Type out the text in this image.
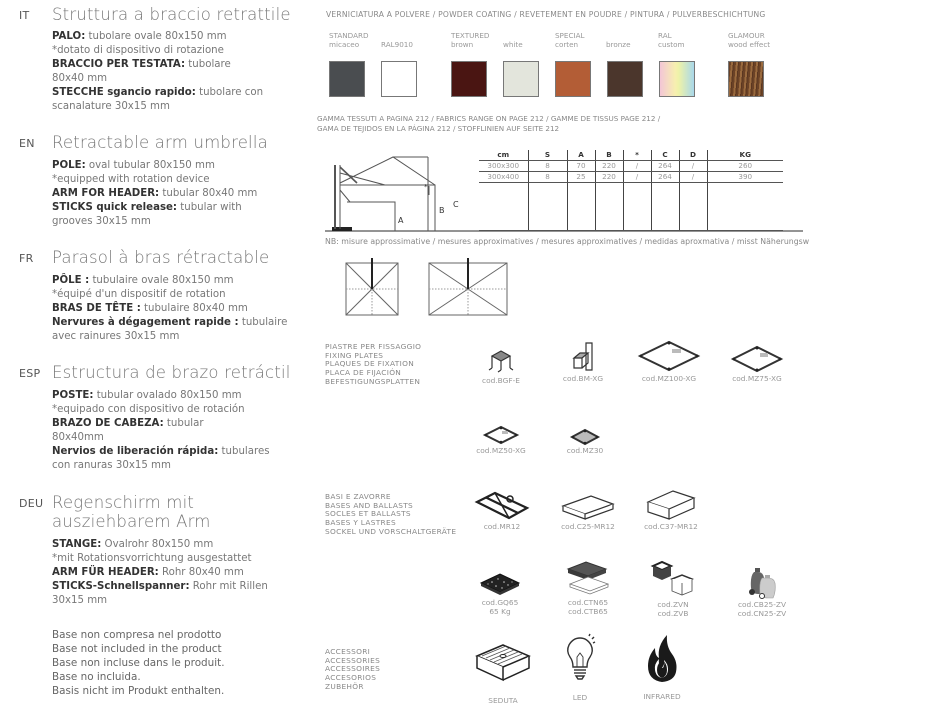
IT Struttura a braccio retrattile
PALO: tubolare ovale 80x150 mm
*dotato di dispositivo di rotazione
BRACCIO PER TESTATA: tubolare
80x40 mm
STECCHE sgancio rapido: tubolare con
scanalature 30x15 mm
EN Retractable arm umbrella
POLE: oval tubular 80x150 mm
*equipped with rotation device
ARM FOR HEADER: tubular 80x40 mm
STICKS quick release: tubular with
grooves 30x15 mm
FR Parasol à bras rétractable
PÔLE : tubulaire ovale 80x150 mm
*équipé d'un dispositif de rotation
BRAS DE TÊTE : tubulaire 80x40 mm
Nervures à dégagement rapide : tubulaire
avec rainures 30x15 mm
ESP Estructura de brazo retráctil
POSTE: tubular ovalado 80x150 mm
*equipado con dispositivo de rotación
BRAZO DE CABEZA: tubular
80x40mm
Nervios de liberación rápida: tubulares
con ranuras 30x15 mm
DEU Regenschirm mit
ausziehbarem Arm
STANGE: Ovalrohr 80x150 mm
*mit Rotationsvorrichtung ausgestattet
ARM FÜR HEADER: Rohr 80x40 mm
STICKS-Schnellspanner: Rohr mit Rillen
30x15 mm
Base non compresa nel prodotto
Base not included in the product
Base non incluse dans le produit.
Base no incluida.
Basis nicht im Produkt enthalten.
VERNICIATURA A POLVERE / POWDER COATING / REVETEMENT EN POUDRE / PINTURA / PULVERBESCHICHTUNG
STANDARD
micaceo	RAL9010
TEXTURED
brown	white
SPECIAL
corten	bronze
RAL
custom
GLAMOUR
wood effect
GAMMA TESSUTI A PAGINA 212 / FABRICS RANGE ON PAGE 212 / GAMME DE TISSUS PAGE 212 /
GAMA DE TEJIDOS EN LA PÁGINA 212 / STOFFLINIEN AUF SEITE 212
A
B
C
*
cm	S	A	B	*	C	D	KG
300x300	8	70	220	/	264	/	260
300x400	8	25	220	/	264	/	390

NB: misure approssimative / mesures approximatives / mesures approximatives / medidas aproxmativa / misst Näherungsw
PIASTRE PER FISSAGGIO
FIXING PLATES
PLAQUES DE FIXATION
PLACA DE FIJACIÓN
BEFESTIGUNGSPLATTEN	cod.BGF-E	cod.BM-XG	cod.MZ100-XG	cod.MZ75-XG
cod.MZ50-XG	cod.MZ30
BASI E ZAVORRE
BASES AND BALLASTS
SOCLES ET BALLASTS
BASES Y LASTRES
SOCKEL UND VORSCHALTGERÄTE
cod.MR12	cod.C25-MR12	cod.C37-MR12
cod.GQ65
65 Kg
cod.CTN65
cod.CTB65
cod.ZVN
cod.ZVB
cod.CB25-ZV
cod.CN25-ZV
ACCESSORI
ACCESSORIES
ACCESSOIRES
ACCESORIOS
ZUBEHÖR
SEDUTA	LED	INFRARED
